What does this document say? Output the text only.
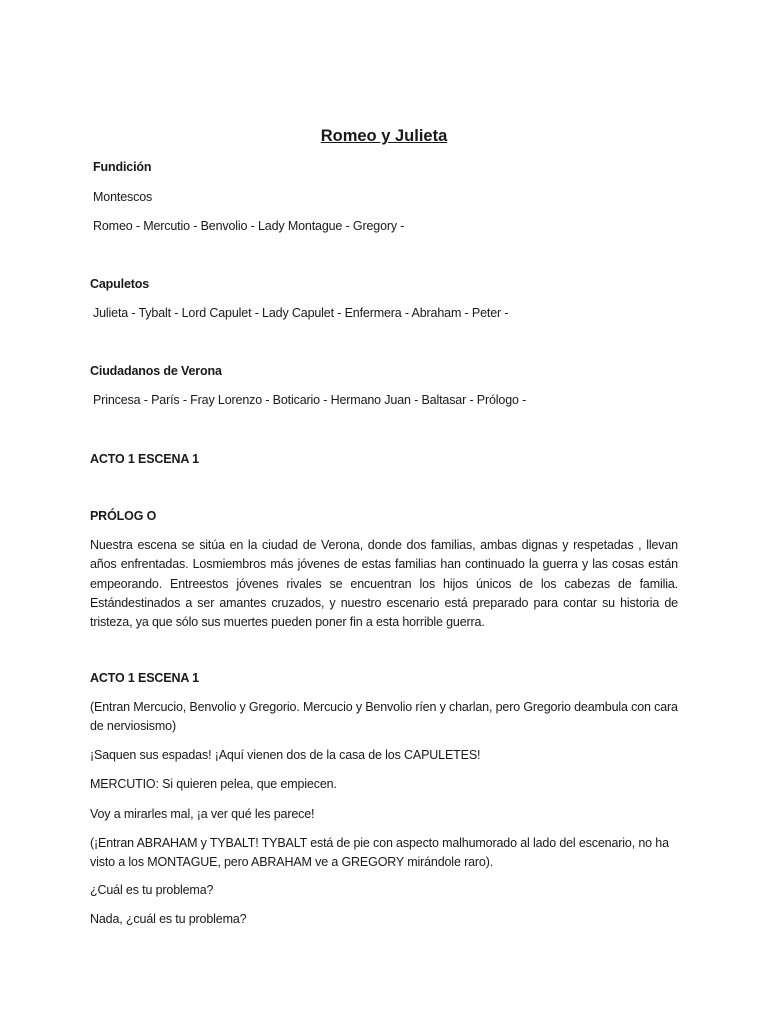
Romeo y Julieta
Fundición
Montescos
Romeo - Mercutio - Benvolio - Lady Montague - Gregory -
Capuletos
Julieta - Tybalt - Lord Capulet - Lady Capulet - Enfermera - Abraham - Peter -
Ciudadanos de Verona
Princesa - París - Fray Lorenzo - Boticario - Hermano Juan - Baltasar - Prólogo -
ACTO 1 ESCENA 1
PRÓLOG O
Nuestra escena se sitúa en la ciudad de Verona, donde dos familias, ambas dignas y respetadas , llevan años enfrentadas. Losmiembros más jóvenes de estas familias han continuado la guerra y las cosas están empeorando. Entreestos jóvenes rivales se encuentran los hijos únicos de los cabezas de familia. Estándestinados a ser amantes cruzados, y nuestro escenario está preparado para contar su historia de tristeza, ya que sólo sus muertes pueden poner fin a esta horrible guerra.
ACTO 1 ESCENA 1
(Entran Mercucio, Benvolio y Gregorio. Mercucio y Benvolio ríen y charlan, pero Gregorio deambula con cara de nerviosismo)
¡Saquen sus espadas! ¡Aquí vienen dos de la casa de los CAPULETES!
MERCUTIO: Si quieren pelea, que empiecen.
Voy a mirarles mal, ¡a ver qué les parece!
(¡Entran ABRAHAM y TYBALT! TYBALT está de pie con aspecto malhumorado al lado del escenario, no ha visto a los MONTAGUE, pero ABRAHAM ve a GREGORY mirándole raro).
¿Cuál es tu problema?
Nada, ¿cuál es tu problema?
